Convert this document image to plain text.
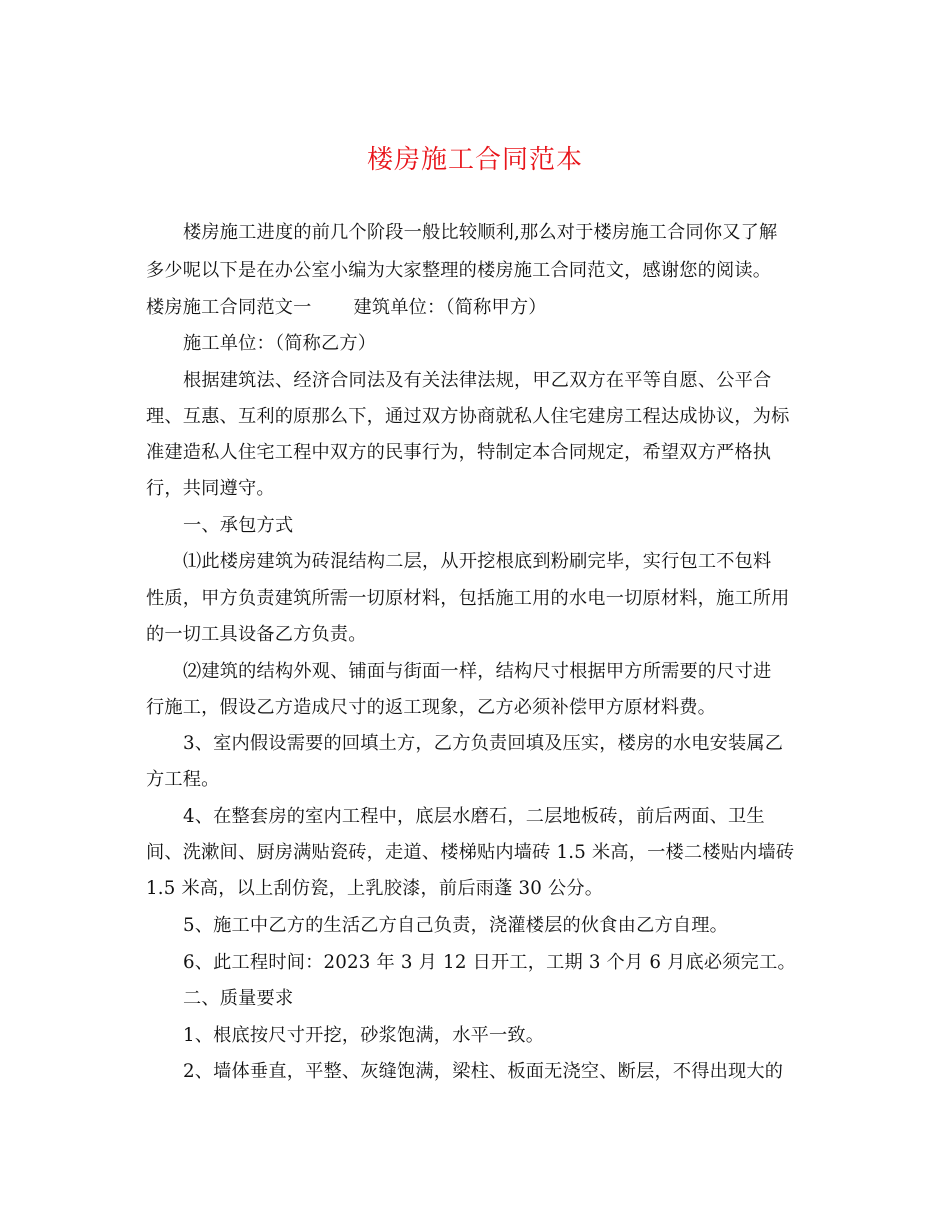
楼房施工合同范本
楼房施工进度的前几个阶段一般比较顺利,那么对于楼房施工合同你又了解
多少呢以下是在办公室小编为大家整理的楼房施工合同范文，感谢您的阅读。
楼房施工合同范文一 建筑单位：（简称甲方）
施工单位：（简称乙方）
根据建筑法、经济合同法及有关法律法规，甲乙双方在平等自愿、公平合
理、互惠、互利的原那么下，通过双方协商就私人住宅建房工程达成协议，为标
准建造私人住宅工程中双方的民事行为，特制定本合同规定，希望双方严格执
行，共同遵守。
一、承包方式
⑴此楼房建筑为砖混结构二层，从开挖根底到粉刷完毕，实行包工不包料
性质，甲方负责建筑所需一切原材料，包括施工用的水电一切原材料，施工所用
的一切工具设备乙方负责。
⑵建筑的结构外观、铺面与街面一样，结构尺寸根据甲方所需要的尺寸进
行施工，假设乙方造成尺寸的返工现象，乙方必须补偿甲方原材料费。
3、室内假设需要的回填土方，乙方负责回填及压实，楼房的水电安装属乙
方工程。
4、在整套房的室内工程中，底层水磨石，二层地板砖，前后两面、卫生
间、洗漱间、厨房满贴瓷砖，走道、楼梯贴内墙砖 1.5 米高，一楼二楼贴内墙砖
1.5 米高，以上刮仿瓷，上乳胶漆，前后雨蓬 30 公分。
5、施工中乙方的生活乙方自己负责，浇灌楼层的伙食由乙方自理。
6、此工程时间：2023 年 3 月 12 日开工，工期 3 个月 6 月底必须完工。
二、质量要求
1、根底按尺寸开挖，砂浆饱满，水平一致。
2、墙体垂直，平整、灰缝饱满，梁柱、板面无浇空、断层，不得出现大的
